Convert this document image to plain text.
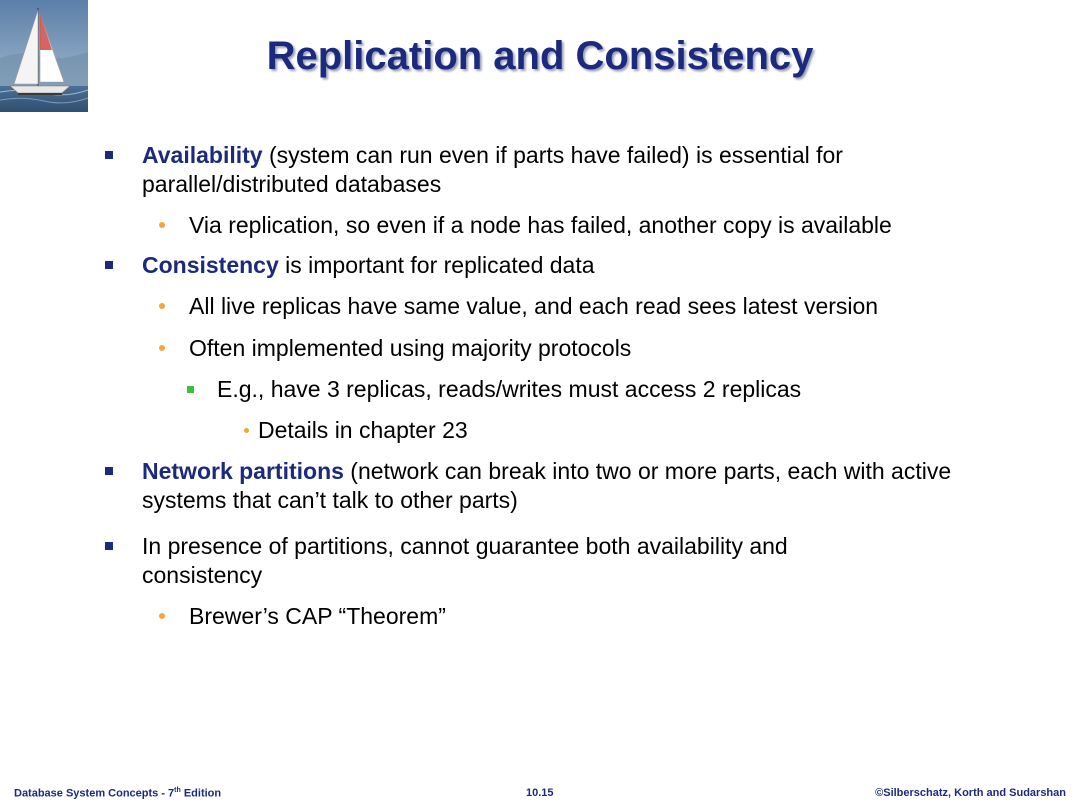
Replication and Consistency
Availability (system can run even if parts have failed) is essential for parallel/distributed databases
Via replication, so even if a node has failed, another copy is available
Consistency is important for replicated data
All live replicas have same value, and each read sees latest version
Often implemented using majority protocols
E.g., have 3 replicas, reads/writes must access 2 replicas
Details in chapter 23
Network partitions (network can break into two or more parts, each with active systems that can’t talk to other parts)
In presence of partitions, cannot guarantee both availability and consistency
Brewer’s CAP “Theorem”
Database System Concepts - 7th Edition	10.15	©Silberschatz, Korth and Sudarshan
